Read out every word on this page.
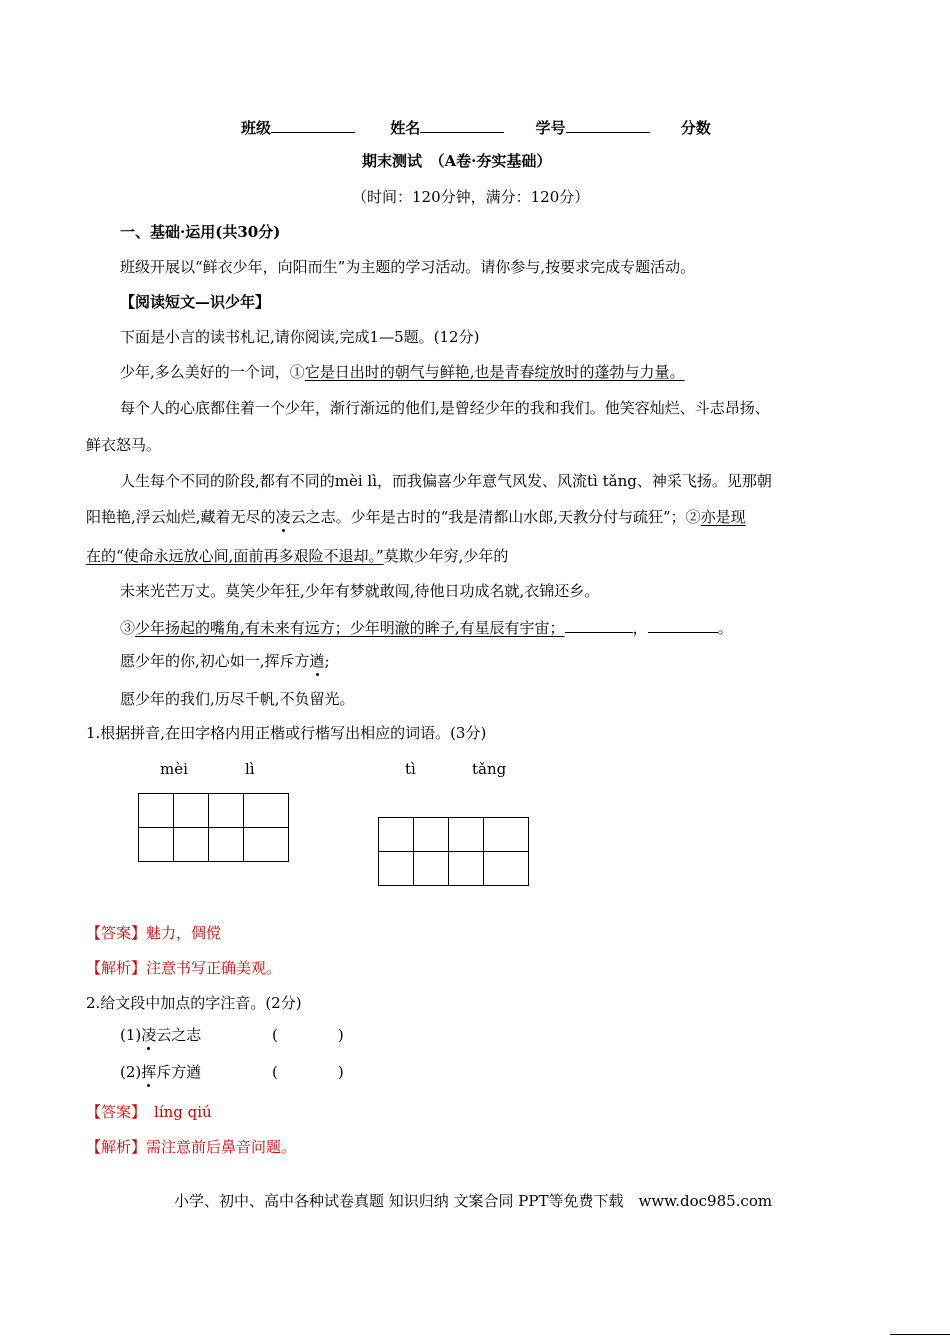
班级	姓名	学号	分数
期末测试　（A卷·夯实基础）
（时间：120分钟，满分：120分）
一、基础·运用(共30分)
班级开展以“鲜衣少年，向阳而生”为主题的学习活动。请你参与,按要求完成专题活动。
【阅读短文—识少年】
下面是小言的读书札记,请你阅读,完成1—5题。(12分)
少年,多么美好的一个词，①它是日出时的朝气与鲜艳,也是青春绽放时的蓬勃与力量。
每个人的心底都住着一个少年，渐行渐远的他们,是曾经少年的我和我们。他笑容灿烂、斗志昂扬、
鲜衣怒马。
人生每个不同的阶段,都有不同的mèi lì，而我偏喜少年意气风发、风流tì tǎng、神采飞扬。见那朝
阳艳艳,浮云灿烂,藏着无尽的凌云之志。少年是古时的“我是清都山水郎,天教分付与疏狂”；②亦是现
在的“使命永远放心间,面前再多艰险不退却。”莫欺少年穷,少年的
未来光芒万丈。莫笑少年狂,少年有梦就敢闯,待他日功成名就,衣锦还乡。
③少年扬起的嘴角,有未来有远方；少年明澈的眸子,有星辰有宇宙；	，	。
愿少年的你,初心如一,挥斥方遒;
愿少年的我们,历尽千帆,不负留光。
1.根据拼音,在田字格内用正楷或行楷写出相应的词语。(3分)
mèi	lì	tì	tǎng

【答案】魅力，倜傥
【解析】注意书写正确美观。
2.给文段中加点的字注音。(2分)
(1)凌云之志	(　　　　)
(2)挥斥方遒	(　　　　)
【答案】 líng qiú
【解析】需注意前后鼻音问题。
小学、初中、高中各种试卷真题 知识归纳 文案合同 PPT等免费下载　www.doc985.com
